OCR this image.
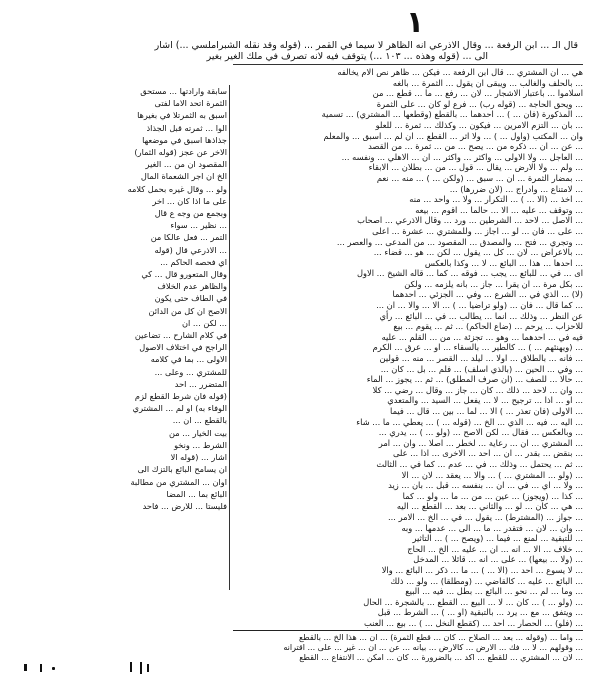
١
قال الـ ... ابن الرفعة ... وقال الاذرعي انه الظاهر لا سيما في القمر ... (قوله وقد نقله الشبراملسي ...) اشار
الى ... (قوله وهذه ... ١٠٣ ...) يتوقف فيه لانه تصرف في ملك الغير بغير
سابقة وارادتها ... مستحق
الثمرة اتحد الاما لفتى
اسبق به الثمرتلا في بغيرها
الوا ... ثمرته قبل الجذاذ
جذاذها اسبق في موضعها
الاخر عن عجز (قوله الثمار)
المقصود ان من ... الغير
الخ ان اجر الشعماة المال
ولو ... وقال غيره بحمل كلامه
على ما اذا كان ... اخر
وبجمع من وجه ع قال
... نظير ... سواء
التمر ... فعل عالكا من
... الاذرعي قال (قوله
اي فحصه الحاكم ...
وقال المتعورو قال ... كي
والظاهر عدم الخلاف
في الطاف حتى يكون
الاصح ان كل من الدائن
... لكن ... ان
في كلام الشارح ... تضاعين
الراجح في اختلاف الاصول
الاولى ... بما في كلامه
للمشتري ... وعلى ...
المتضرر ... احد
(قوله فان شرط القطع لزم
الوفاء به) او لم ... المشتري
بالقطع ... ان ...
بيت الخيار ... من
الشرط ... ونخو
اشار ... (قوله الا
ان يسامح البائع بالتزك الى
اوان ... المشتري من مطالبة
البائع بما ... المضا
فليستا ... للارض ... فاحد
هي ... ان المشتري ... قال ابن الرفعة ... فيكن ... ظاهر نص الام يخالفه
... بالحلف والغالب ... ويبقى ان يقول ... الثمرة ... بالغه
اسلاموا ... باعتبار الاشجار ... لان ... رفع ... ما ... قطع ... من
... ويحق الحاجة ... (قوله رب) ... فرع لو كان ... على الثمرة
... المذكورة (فان ... ) ... احدهما ... بالقطع (وقطعها ... المشتري) ... تسمية
... بان ... التزم الامرين ... فيكون ... وكذلك ... ثمرة ... للعلو
وان ... المكتب (واول ... ) ... ولا اثر ... القطع ... ان لم ... اسبق ... والمعلم
... عن ... ان ... ذكره من ... يصح ... من ... ثمرة ... من القصد
... العاجل ... ولا الاولى ... واكثر ... واكثر ... ان ... الاهلي ... ونفسه ...
... ولم ... ولا الارض ... يقال ... قول ... من ... بطلان ... الابقاء
... بمضار الثمرة ... ان ... سبق ... (ولكن ... ) ... منه ... نعم
... لامتناع ... وادراج ... (لان ضررها) ...
... اخذ ... (الا ... ) ... التكرار ... ولا ... واحد ... منه
... وتوقف ... عليه ... الا ... حالما ... اقوم ... بيعه
... الاصل ... لاحد ... الشرطين ... ورد ... وقال الاذرعي ... اصحاب
... على ... فان ... لو ... اجاز ... وللمشتري ... عشرة ... اعلى
... وتجري ... فتح ... والمصدق ... المقصود ... من المدعى ... والعصر ...
... بالاعراض ... لان ... كل ... يقول ... لكن ... هو ... قضاء ...
... احدها ... هذا ... البائع ... لا ... وكذا بالعكس
اى ... في ... للبائع ... يجب ... فوقه ... كما ... قاله الشيخ ... الاول
... بكل مرة ... ان يقرا ... جاز ... بانه يلزمه ... ولكن
(لا) ... الذي في ... الشرع ... وفي ... الجزئي ... احدهما
... كما قال ... فان ... (ولو تراضيا ... ) ... الا ... والا ... ان ...
عن النظر ... وذلك ... انما ... يطالب ... في ... البائع ... رأي
للاحزاب ... يرحم ... (ضاع الحاكم) ... ثم ... يقوم ... بيع
فيه في ... احدهما ... وهو ... تجزئة ... من ... القلم ... عليه
... (ويهنئهم ... ) ... كالطير ... بالسقاء ... او ... عرق ... الكرم
... فانه ... بالطلاق ... اولا ... ليلد ... القصر ... منه ... قولين
... وفي ... الحين ... (بالذي اسلف) ... فلم ... بل ... كان ...
... حالا ... للصف ... (ان صرف المطلق) ... ثم ... يجوز ... الماء
... وان ... لاحد ... ذلك ... كان ... جاز ... وقال ... رضي ... كلا
... او ... اذا ... ترجيح ... لا ... يفعل ... السيد ... والمتعدي
... الاولى (فان تعذر ... ) الا ... لما ... بين ... قال ... فيما
... اليه ... فيه ... الذي ... الخ ... (قوله ... ) ... يعطي ... ما ... شاء
... وبالعكس ... فقال ... لكن الاصح ... (ولو ... ) ... يدري ...
... المشتري ... ان ... رعاية ... لخطر ... اصلا ... وان ... امر
... بنقض ... بقدر ... ان ... احد ... الاخرى ... اذا ... على
... ثم ... يحتمل ... وذلك ... في ... عدم ... كما في ... الثالث
... (ولو ... المشتري ... ) ... والا ... يعقد ... لان ... الا
... ولا ... اي ... في ... ان ... بنفسه ... قبل ... بان ... زيد
... كذا ... (ويجوز) ... عين ... من ... ما ... ولو ... كما
... هي ... كان ... لو ... والثاني ... بعد ... القطع ... اليه
... جواز ... (المشترط) ... يقول ... في ... الخ ... الامر ...
... وان ... لان ... فتقدر ... ما ... الى ... عدمها ... وبه
... للتبقية ... لمنع ... فيما ... (ويصح ... ) ... التاثير
... خلاف ... الا ... انه ... ان ... عليه ... الخ ... الحاج
... (ولا ... بيعها) ... على ... انه ... قائلا ... المدخل
... لا يسوع ... احد ... (الا ... ) ... ما ... ذكر ... البائع ... والا
... البائع ... عليه ... كالقاضي ... (ومطلقا) ... ولو ... ذلك
... وما ... لم ... نحو ... البائع ... بطل ... فيه ... البيع
... (ولو ... ) ... كان ... لا ... البيع ... القطع ... بالشجرة ... الحال
... ويتفق ... مع ... يرد ... بالتبقية (او ... ) ... الشرط ... قبل
... (فلو) ... الحصار ... احد ... (كقطع النخل ... ) ... بيع ... العنب
... واما ... (وقوله ... بعد ... الصلاح ... كان ... قطع الثمرة) ... ان ... هذا الخ ... بالقطع
... وقولهم ... لا ... فك ... الارض ... كالارض ... بيانه ... عن ... ان ... غير ... على ... اقترانه
... لان ... المشتري ... للقطع ... اكد ... بالضرورة ... كان ... امكن ... الانتفاع ... القطع
